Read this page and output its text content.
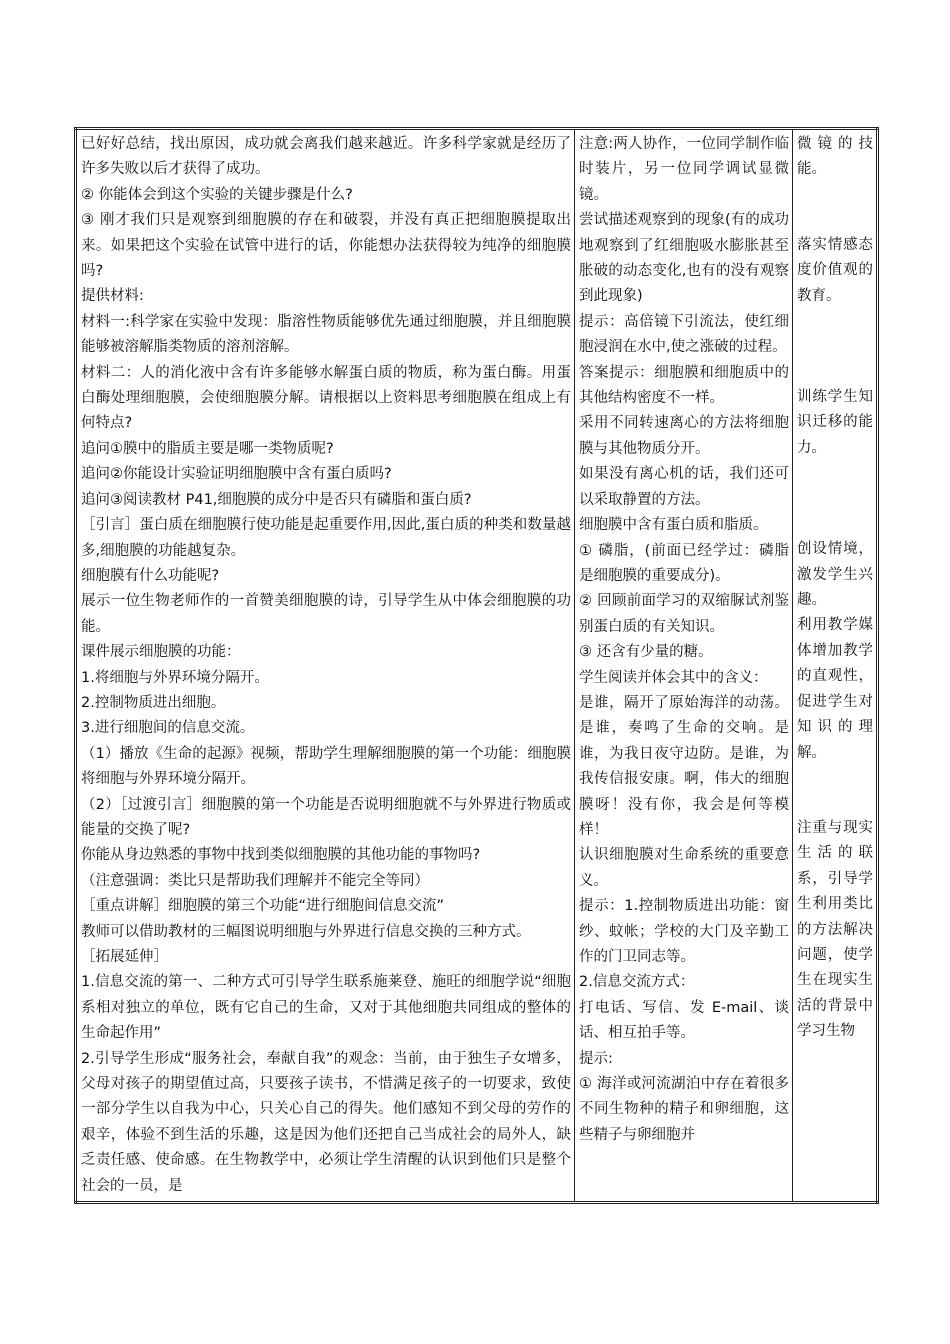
已好好总结，找出原因，成功就会离我们越来越近。许多科学家就是经历了许多失败以后才获得了成功。
② 你能体会到这个实验的关键步骤是什么?
③ 刚才我们只是观察到细胞膜的存在和破裂，并没有真正把细胞膜提取出来。如果把这个实验在试管中进行的话，你能想办法获得较为纯净的细胞膜吗?
提供材料:
材料一:科学家在实验中发现：脂溶性物质能够优先通过细胞膜，并且细胞膜能够被溶解脂类物质的溶剂溶解。
材料二：人的消化液中含有许多能够水解蛋白质的物质，称为蛋白酶。用蛋白酶处理细胞膜，会使细胞膜分解。请根据以上资料思考细胞膜在组成上有何特点?
追问①膜中的脂质主要是哪一类物质呢?
追问②你能设计实验证明细胞膜中含有蛋白质吗?
追问③阅读教材 P41,细胞膜的成分中是否只有磷脂和蛋白质?
［引言］蛋白质在细胞膜行使功能是起重要作用,因此,蛋白质的种类和数量越多,细胞膜的功能越复杂。
细胞膜有什么功能呢?
展示一位生物老师作的一首赞美细胞膜的诗，引导学生从中体会细胞膜的功能。
课件展示细胞膜的功能：
1.将细胞与外界环境分隔开。
2.控制物质进出细胞。
3.进行细胞间的信息交流。
（1）播放《生命的起源》视频，帮助学生理解细胞膜的第一个功能：细胞膜将细胞与外界环境分隔开。
（2）［过渡引言］细胞膜的第一个功能是否说明细胞就不与外界进行物质或能量的交换了呢?
你能从身边熟悉的事物中找到类似细胞膜的其他功能的事物吗?
（注意强调：类比只是帮助我们理解并不能完全等同）
［重点讲解］细胞膜的第三个功能“进行细胞间信息交流”
教师可以借助教材的三幅图说明细胞与外界进行信息交换的三种方式。
［拓展延伸］
1.信息交流的第一、二种方式可引导学生联系施莱登、施旺的细胞学说“细胞系相对独立的单位，既有它自己的生命，又对于其他细胞共同组成的整体的生命起作用”
2.引导学生形成“服务社会，奉献自我”的观念：当前，由于独生子女增多，父母对孩子的期望值过高，只要孩子读书，不惜满足孩子的一切要求，致使一部分学生以自我为中心，只关心自己的得失。他们感知不到父母的劳作的艰辛，体验不到生活的乐趣，这是因为他们还把自己当成社会的局外人，缺乏责任感、使命感。在生物教学中，必须让学生清醒的认识到他们只是整个社会的一员，是

注意:两人协作，一位同学制作临时装片，另一位同学调试显微镜。
尝试描述观察到的现象(有的成功地观察到了红细胞吸水膨胀甚至胀破的动态变化,也有的没有观察到此现象)
提示：高倍镜下引流法，使红细胞浸润在水中,使之涨破的过程。
答案提示：细胞膜和细胞质中的其他结构密度不一样。
采用不同转速离心的方法将细胞膜与其他物质分开。
如果没有离心机的话，我们还可以采取静置的方法。
细胞膜中含有蛋白质和脂质。
① 磷脂，(前面已经学过：磷脂是细胞膜的重要成分)。
② 回顾前面学习的双缩脲试剂鉴别蛋白质的有关知识。
③ 还含有少量的糖。
学生阅读并体会其中的含义：
是谁，隔开了原始海洋的动荡。是谁，奏鸣了生命的交响。是谁，为我日夜守边防。是谁，为我传信报安康。啊，伟大的细胞膜呀！没有你，我会是何等模样！
认识细胞膜对生命系统的重要意义。
提示：1.控制物质进出功能：窗纱、蚊帐；学校的大门及辛勤工作的门卫同志等。
2.信息交流方式：
打电话、写信、发 E-mail、谈话、相互拍手等。
提示:
① 海洋或河流湖泊中存在着很多不同生物种的精子和卵细胞，这些精子与卵细胞并

微镜的技能。
落实情感态度价值观的教育。
训练学生知识迁移的能力。
创设情境，激发学生兴趣。
利用教学媒体增加教学的直观性，促进学生对知识的理解。
注重与现实生活的联系，引导学生利用类比的方法解决问题，使学生在现实生活的背景中学习生物
